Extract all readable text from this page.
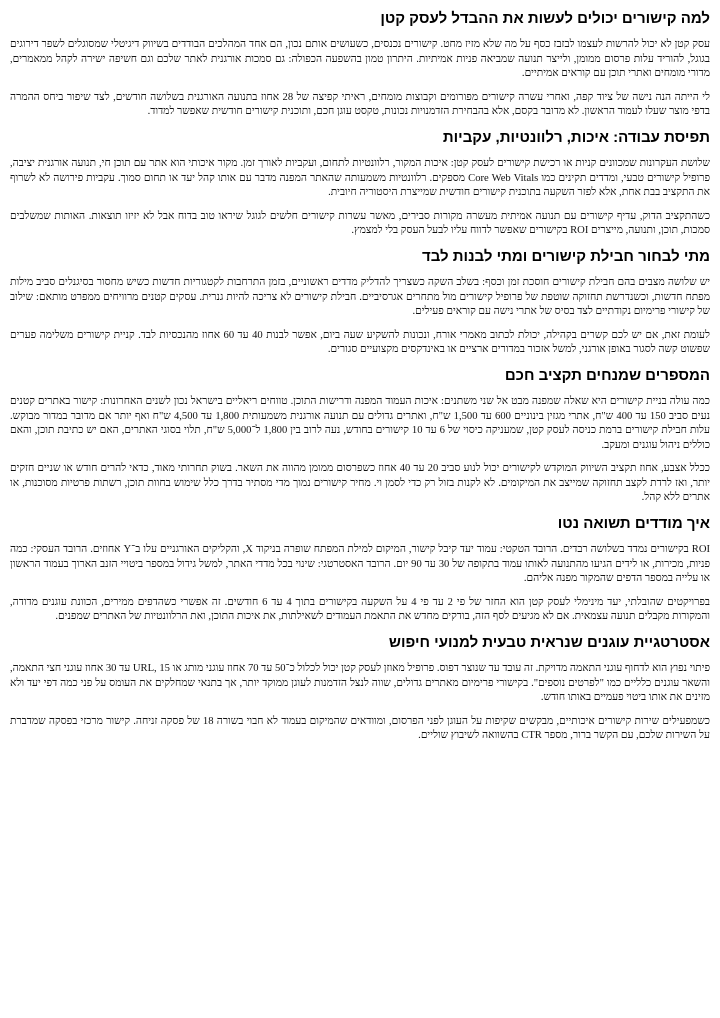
למה קישורים יכולים לעשות את ההבדל לעסק קטן

עסק קטן לא יכול להרשות לעצמו לבזבז כסף על מה שלא מזיז מחט. קישורים נכנסים, כשעושים אותם נכון, הם אחד המהלכים הבודדים בשיווק דיגיטלי שמסוגלים לשפר דירוגים בגוגל, להוריד עלות פרסום ממומן, ולייצר תנועה שמביאה פניות אמיתיות. היתרון טמון בהשפעה הכפולה: גם סמכות אורגנית לאתר שלכם וגם חשיפה ישירה לקהל ממאמרים, מדורי מומחים ואתרי תוכן עם קוראים אמיתיים.

לי הייתה הנה נישה של ציוד קפה, ואחרי עשרה קישורים מפורומים וקבוצות מומחים, ראיתי קפיצה של 28 אחוז בתנועה האורגנית בשלושה חודשים, לצד שיפור ביחס ההמרה בדפי מוצר שעלו לעמוד הראשון. לא מדובר בקסם, אלא בהבחירת הזדמנויות נכונות, טקסט עוגן חכם, ותוכנית קישורים חודשית שאפשר למדוד.

תפיסת עבודה: איכות, רלוונטיות, עקביות

שלושת העקרונות שמכוונים קניות או רכישת קישורים לעסק קטן: איכות המקור, רלוונטיות לתחום, ועקביות לאורך זמן. מקור איכותי הוא אתר עם תוכן חי, תנועה אורגנית יציבה, פרופיל קישורים טבעי, ומדדים תקינים כמו Core Web Vitals מספקים. רלוונטיות משמעותה שהאתר המפנה מדבר עם אותו קהל יעד או תחום סמוך. עקביות פירושה לא לשרוף את התקציב בבת אחת, אלא לפזר השקעה בתוכנית קישורים חודשית שמייצרת היסטוריה חיובית.

כשהתקציב הדוק, עדיף קישורים עם תנועה אמיתית מעשרה מקורות סבירים, מאשר עשרות קישורים חלשים לגוגל שיראו טוב בדוח אבל לא יזיזו תוצאות. האותות שמשלבים סמכות, תוכן, ותנועה, מייצרים ROI בקישורים שאפשר לדווח עליו לבעל העסק בלי למצמץ.

מתי לבחור חבילת קישורים ומתי לבנות לבד

יש שלושה מצבים בהם חבילת קישורים חוסכת זמן וכסף: בשלב השקה כשצריך להדליק מדדים ראשוניים, בזמן התרחבות לקטגוריות חדשות כשיש מחסור בסיגנלים סביב מילות מפתח חדשות, וכשנדרשת תחזוקה שוטפת של פרופיל קישורים מול מתחרים אגרסיביים. חבילת קישורים לא צריכה להיות גנרית. עסקים קטנים מרוויחים ממפרט מותאם: שילוב של קישורי פרימיום נקודתיים לצד בסיס של אתרי נישה עם קוראים פעילים.

לעומת זאת, אם יש לכם קשרים בקהילה, יכולת לכתוב מאמרי אורח, ונכונות להשקיע שעה ביום, אפשר לבנות 40 עד 60 אחוז מהנכסיות לבד. קניית קישורים משלימה פערים שפשוט קשה לסגור באופן אורגני, למשל אזכור במדורים ארציים או באינדקסים מקצועיים סגורים.

המספרים שמנחים תקציב חכם

כמה עולה בניית קישורים היא שאלה שמפנה מבט אל שני משתנים: איכות העמוד המפנה ודרישות התוכן. טווחים ריאליים בישראל נכון לשנים האחרונות: קישור באתרים קטנים נעים סביב 150 עד 400 ש"ח, אתרי מגזין בינוניים 600 עד 1,500 ש"ח, ואתרים גדולים עם תנועה אורגנית משמעותית 1,800 עד 4,500 ש"ח ואף יותר אם מדובר במדור מבוקש. עלות חבילת קישורים ברמת כניסה לעסק קטן, שמעניקה כיסוי של 6 עד 10 קישורים בחודש, נעה לרוב בין 1,800 ל־5,000 ש"ח, תלוי בסוגי האתרים, האם יש כתיבת תוכן, והאם כוללים ניהול עוגנים ומעקב.

ככלל אצבע, אחוז תקציב השיווק המוקדש לקישורים יכול לנוע סביב 20 עד 40 אחוז כשפרסום ממומן מהווה את השאר. בשוק תחרותי מאוד, כדאי להרים חודש או שניים חזקים יותר, ואז לרדת לקצב תחזוקה שמייצב את המיקומים. לא לקנות בזול רק כדי לסמן וי. מחיר קישורים נמוך מדי מסתיר בדרך כלל שימוש בחוות תוכן, רשתות פרטיות מסוכנות, או אתרים ללא קהל.

איך מודדים תשואה נטו

ROI בקישורים נמדד בשלושה רבדים. הרובד הטקטי: עמוד יעד קיבל קישור, המיקום למילת המפתח שופרה בניקוד X, והקליקים האורגניים עלו ב־Y אחוזים. הרובד העסקי: כמה פניות, מכירות, או לידים הגיעו מהתנועה לאותו עמוד בתקופה של 30 עד 90 יום. הרובד האסטרטגי: שינוי בכל מדדי האתר, למשל גידול במספר ביטויי הזנב הארוך בעמוד הראשון או עלייה במספר הדפים שהמקור מפנה אליהם.

בפרויקטים שהובלתי, יעד מינימלי לעסק קטן הוא החזר של פי 2 עד פי 4 על השקעה בקישורים בתוך 4 עד 6 חודשים. זה אפשרי כשהדפים ממירים, הכוונת עוגנים מדודה, והמקורות מקבלים תנועה עצמאית. אם לא מגיעים לסף הזה, בודקים מחדש את התאמת העמודים לשאילתות, את איכות התוכן, ואת הרלוונטיות של האתרים שמפנים.

אסטרטגיית עוגנים שנראית טבעית למנועי חיפוש

פיתוי נפוץ הוא לדחוף עוגני התאמה מדויקת. זה עובד עד שנוצר דפוס. פרופיל מאוזן לעסק קטן יכול לכלול כ־50 עד 70 אחוז עוגני מותג או URL, 15 עד 30 אחוז עוגני חצי התאמה, והשאר עוגנים כלליים כמו "לפרטים נוספים". בקישורי פרימיום מאתרים גדולים, שווה לנצל הזדמנות לעוגן ממוקד יותר, אך בתנאי שמחלקים את העומס על פני כמה דפי יעד ולא מזינים את אותו ביטוי פעמיים באותו חודש.

כשמפעילים שירות קישורים איכותיים, מבקשים שקיפות על העוגן לפני הפרסום, ומוודאים שהמיקום בעמוד לא חבוי בשורה 18 של פסקה זניחה. קישור מרכזי בפסקה שמדברת על השירות שלכם, עם הקשר ברור, מספר CTR בהשוואה לשיבוץ שוליים.
